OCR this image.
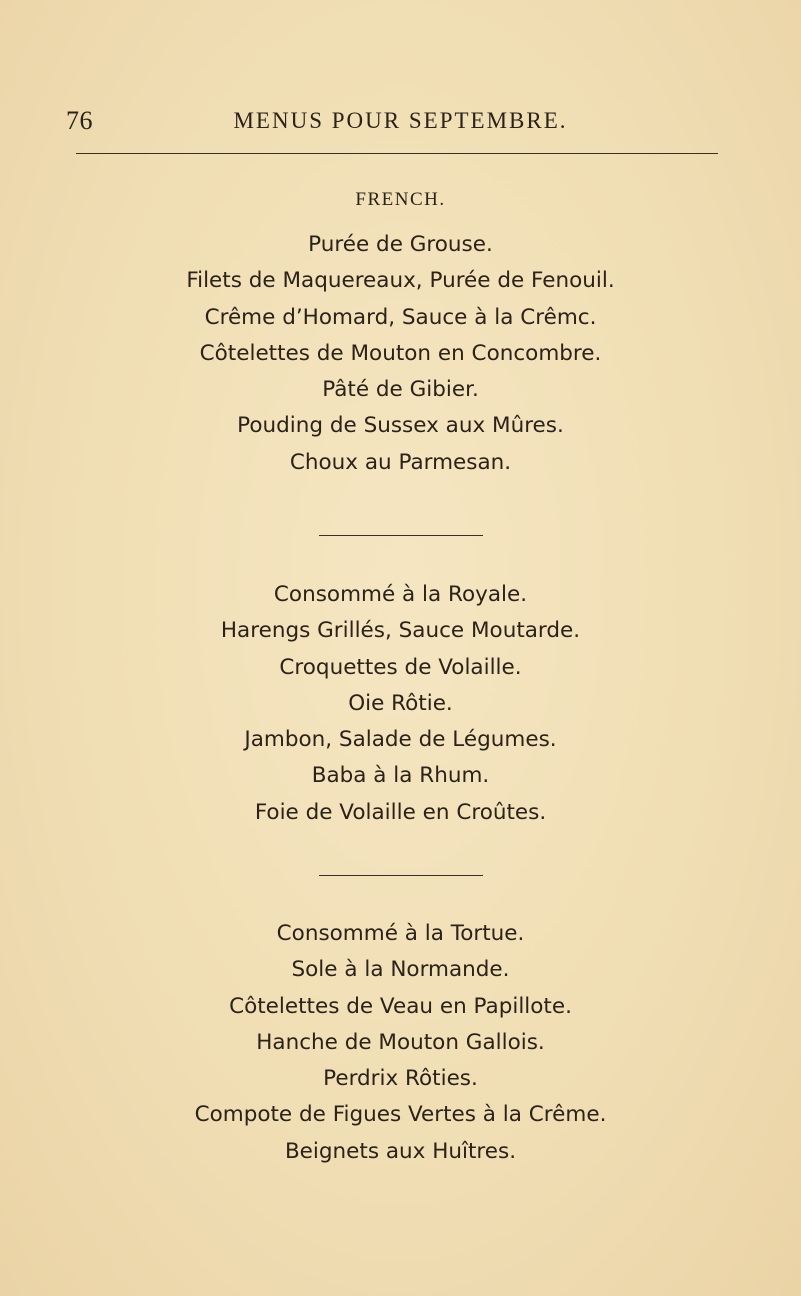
76	MENUS POUR SEPTEMBRE.
FRENCH.
Purée de Grouse.
Filets de Maquereaux, Purée de Fenouil.
Crême d’Homard, Sauce à la Crêmc.
Côtelettes de Mouton en Concombre.
Pâté de Gibier.
Pouding de Sussex aux Mûres.
Choux au Parmesan.
Consommé à la Royale.
Harengs Grillés, Sauce Moutarde.
Croquettes de Volaille.
Oie Rôtie.
Jambon, Salade de Légumes.
Baba à la Rhum.
Foie de Volaille en Croûtes.
Consommé à la Tortue.
Sole à la Normande.
Côtelettes de Veau en Papillote.
Hanche de Mouton Gallois.
Perdrix Rôties.
Compote de Figues Vertes à la Crême.
Beignets aux Huîtres.
